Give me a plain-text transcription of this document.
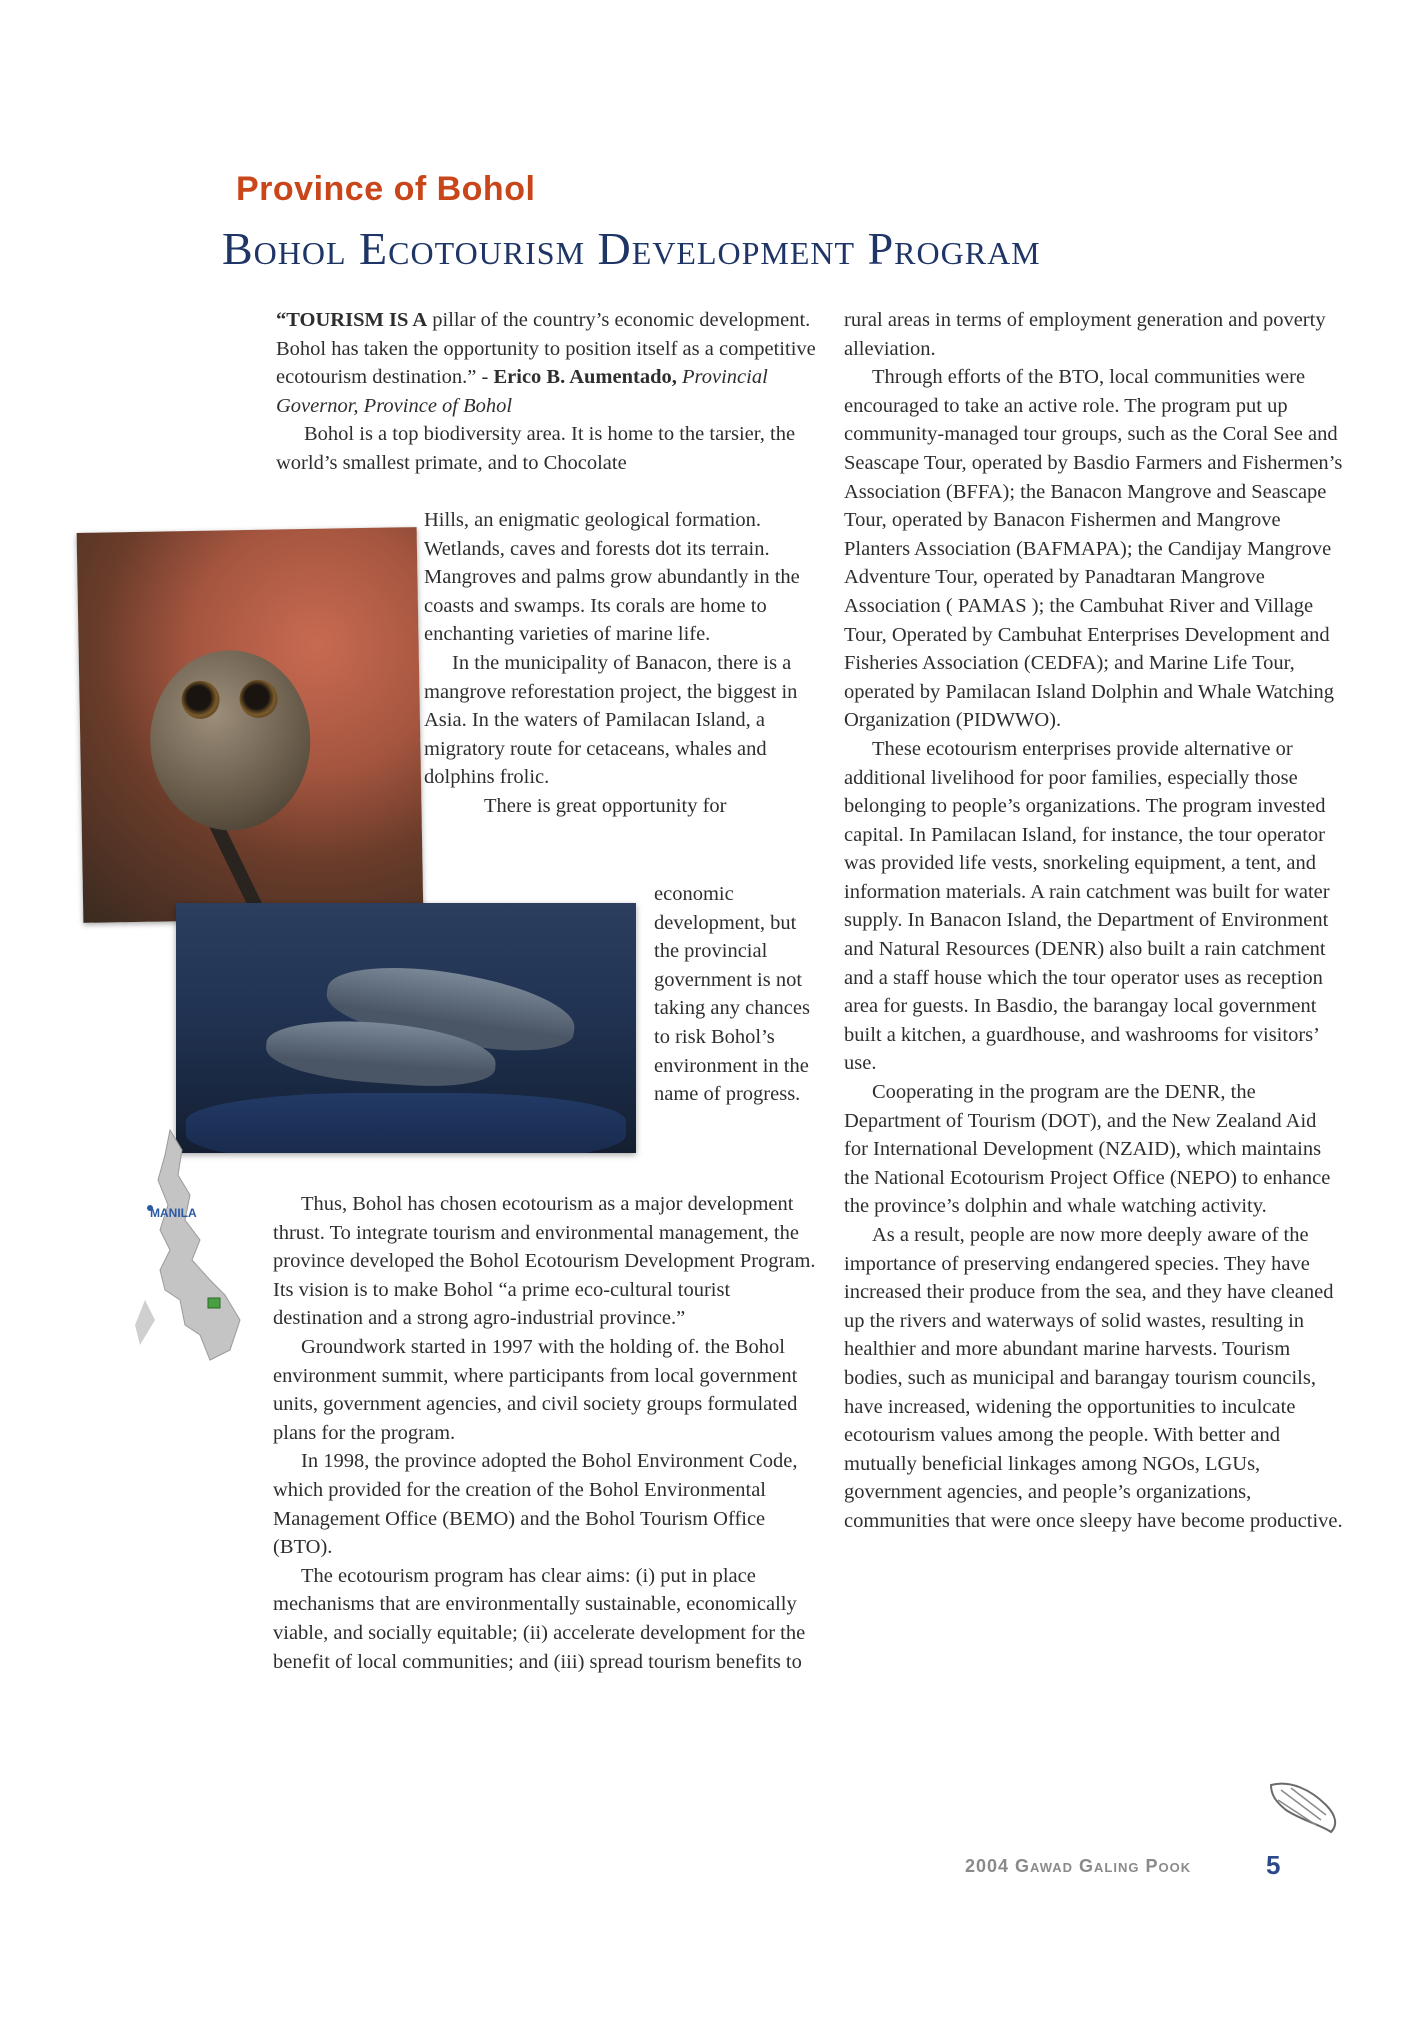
Province of Bohol
Bohol Ecotourism Development Program

“TOURISM IS A pillar of the country’s economic development. Bohol has taken the opportunity to position itself as a competitive ecotourism destination.” - Erico B. Aumentado, Provincial Governor, Province of Bohol

Bohol is a top biodiversity area. It is home to the tarsier, the world’s smallest primate, and to Chocolate

Hills, an enigmatic geological formation. Wetlands, caves and forests dot its terrain. Mangroves and palms grow abundantly in the coasts and swamps. Its corals are home to enchanting varieties of marine life.

In the municipality of Banacon, there is a mangrove reforestation project, the biggest in Asia. In the waters of Pamilacan Island, a migratory route for cetaceans, whales and dolphins frolic.

There is great opportunity for

economic development, but the provincial government is not taking any chances to risk Bohol’s environment in the name of progress.

Thus, Bohol has chosen ecotourism as a major development thrust. To integrate tourism and environmental management, the province developed the Bohol Ecotourism Development Program. Its vision is to make Bohol “a prime eco-cultural tourist destination and a strong agro-industrial province.”

Groundwork started in 1997 with the holding of. the Bohol environment summit, where participants from local government units, government agencies, and civil society groups formulated plans for the program.

In 1998, the province adopted the Bohol Environment Code, which provided for the creation of the Bohol Environmental Management Office (BEMO) and the Bohol Tourism Office (BTO).

The ecotourism program has clear aims: (i) put in place mechanisms that are environmentally sustainable, economically viable, and socially equitable; (ii) accelerate development for the benefit of local communities; and (iii) spread tourism benefits to

rural areas in terms of employment generation and poverty alleviation.

Through efforts of the BTO, local communities were encouraged to take an active role. The program put up community-managed tour groups, such as the Coral See and Seascape Tour, operated by Basdio Farmers and Fishermen’s Association (BFFA); the Banacon Mangrove and Seascape Tour, operated by Banacon Fishermen and Mangrove Planters Association (BAFMAPA); the Candijay Mangrove Adventure Tour, operated by Panadtaran Mangrove Association ( PAMAS ); the Cambuhat River and Village Tour, Operated by Cambuhat Enterprises Development and Fisheries Association (CEDFA); and Marine Life Tour, operated by Pamilacan Island Dolphin and Whale Watching Organization (PIDWWO).

These ecotourism enterprises provide alternative or additional livelihood for poor families, especially those belonging to people’s organizations. The program invested capital. In Pamilacan Island, for instance, the tour operator was provided life vests, snorkeling equipment, a tent, and information materials. A rain catchment was built for water supply. In Banacon Island, the Department of Environment and Natural Resources (DENR) also built a rain catchment and a staff house which the tour operator uses as reception area for guests. In Basdio, the barangay local government built a kitchen, a guardhouse, and washrooms for visitors’ use.

Cooperating in the program are the DENR, the Department of Tourism (DOT), and the New Zealand Aid for International Development (NZAID), which maintains the National Ecotourism Project Office (NEPO) to enhance the province’s dolphin and whale watching activity.

As a result, people are now more deeply aware of the importance of preserving endangered species. They have increased their produce from the sea, and they have cleaned up the rivers and waterways of solid wastes, resulting in healthier and more abundant marine harvests. Tourism bodies, such as municipal and barangay tourism councils, have increased, widening the opportunities to inculcate ecotourism values among the people. With better and mutually beneficial linkages among NGOs, LGUs, government agencies, and people’s organizations, communities that were once sleepy have become productive.

MANILA
2004 Gawad Galing Pook	5
